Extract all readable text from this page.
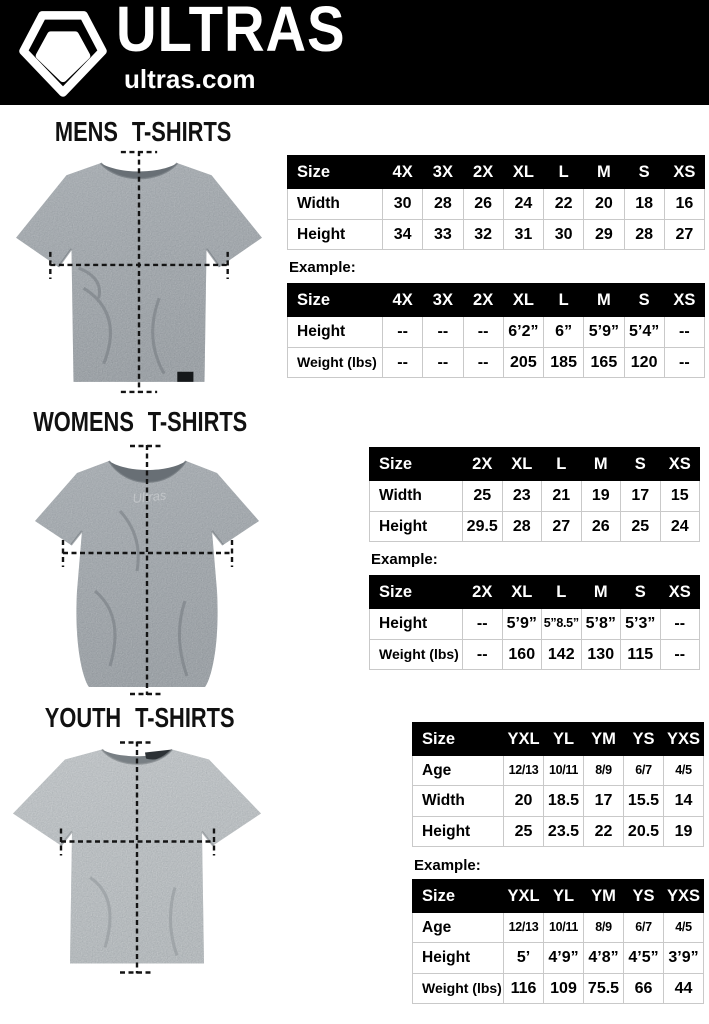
ULTRAS
ultras.com
MENS T-SHIRTS
Size	4X	3X	2X	XL	L	M	S	XS
Width	30	28	26	24	22	20	18	16
Height	34	33	32	31	30	29	28	27
Example:
Size	4X	3X	2X	XL	L	M	S	XS
Height	--	--	--	6’2”	6”	5’9”	5’4”	--
Weight (lbs)	--	--	--	205	185	165	120	--
WOMENS T-SHIRTS
Ultras
Size	2X	XL	L	M	S	XS
Width	25	23	21	19	17	15
Height	29.5	28	27	26	25	24
Example:
Size	2X	XL	L	M	S	XS
Height	--	5’9”	5”8.5”	5’8”	5’3”	--
Weight (lbs)	--	160	142	130	115	--
YOUTH T-SHIRTS
Size	YXL	YL	YM	YS	YXS
Age	12/13	10/11	8/9	6/7	4/5
Width	20	18.5	17	15.5	14
Height	25	23.5	22	20.5	19
Example:
Size	YXL	YL	YM	YS	YXS
Age	12/13	10/11	8/9	6/7	4/5
Height	5’	4’9”	4’8”	4’5”	3’9”
Weight (lbs)	116	109	75.5	66	44
